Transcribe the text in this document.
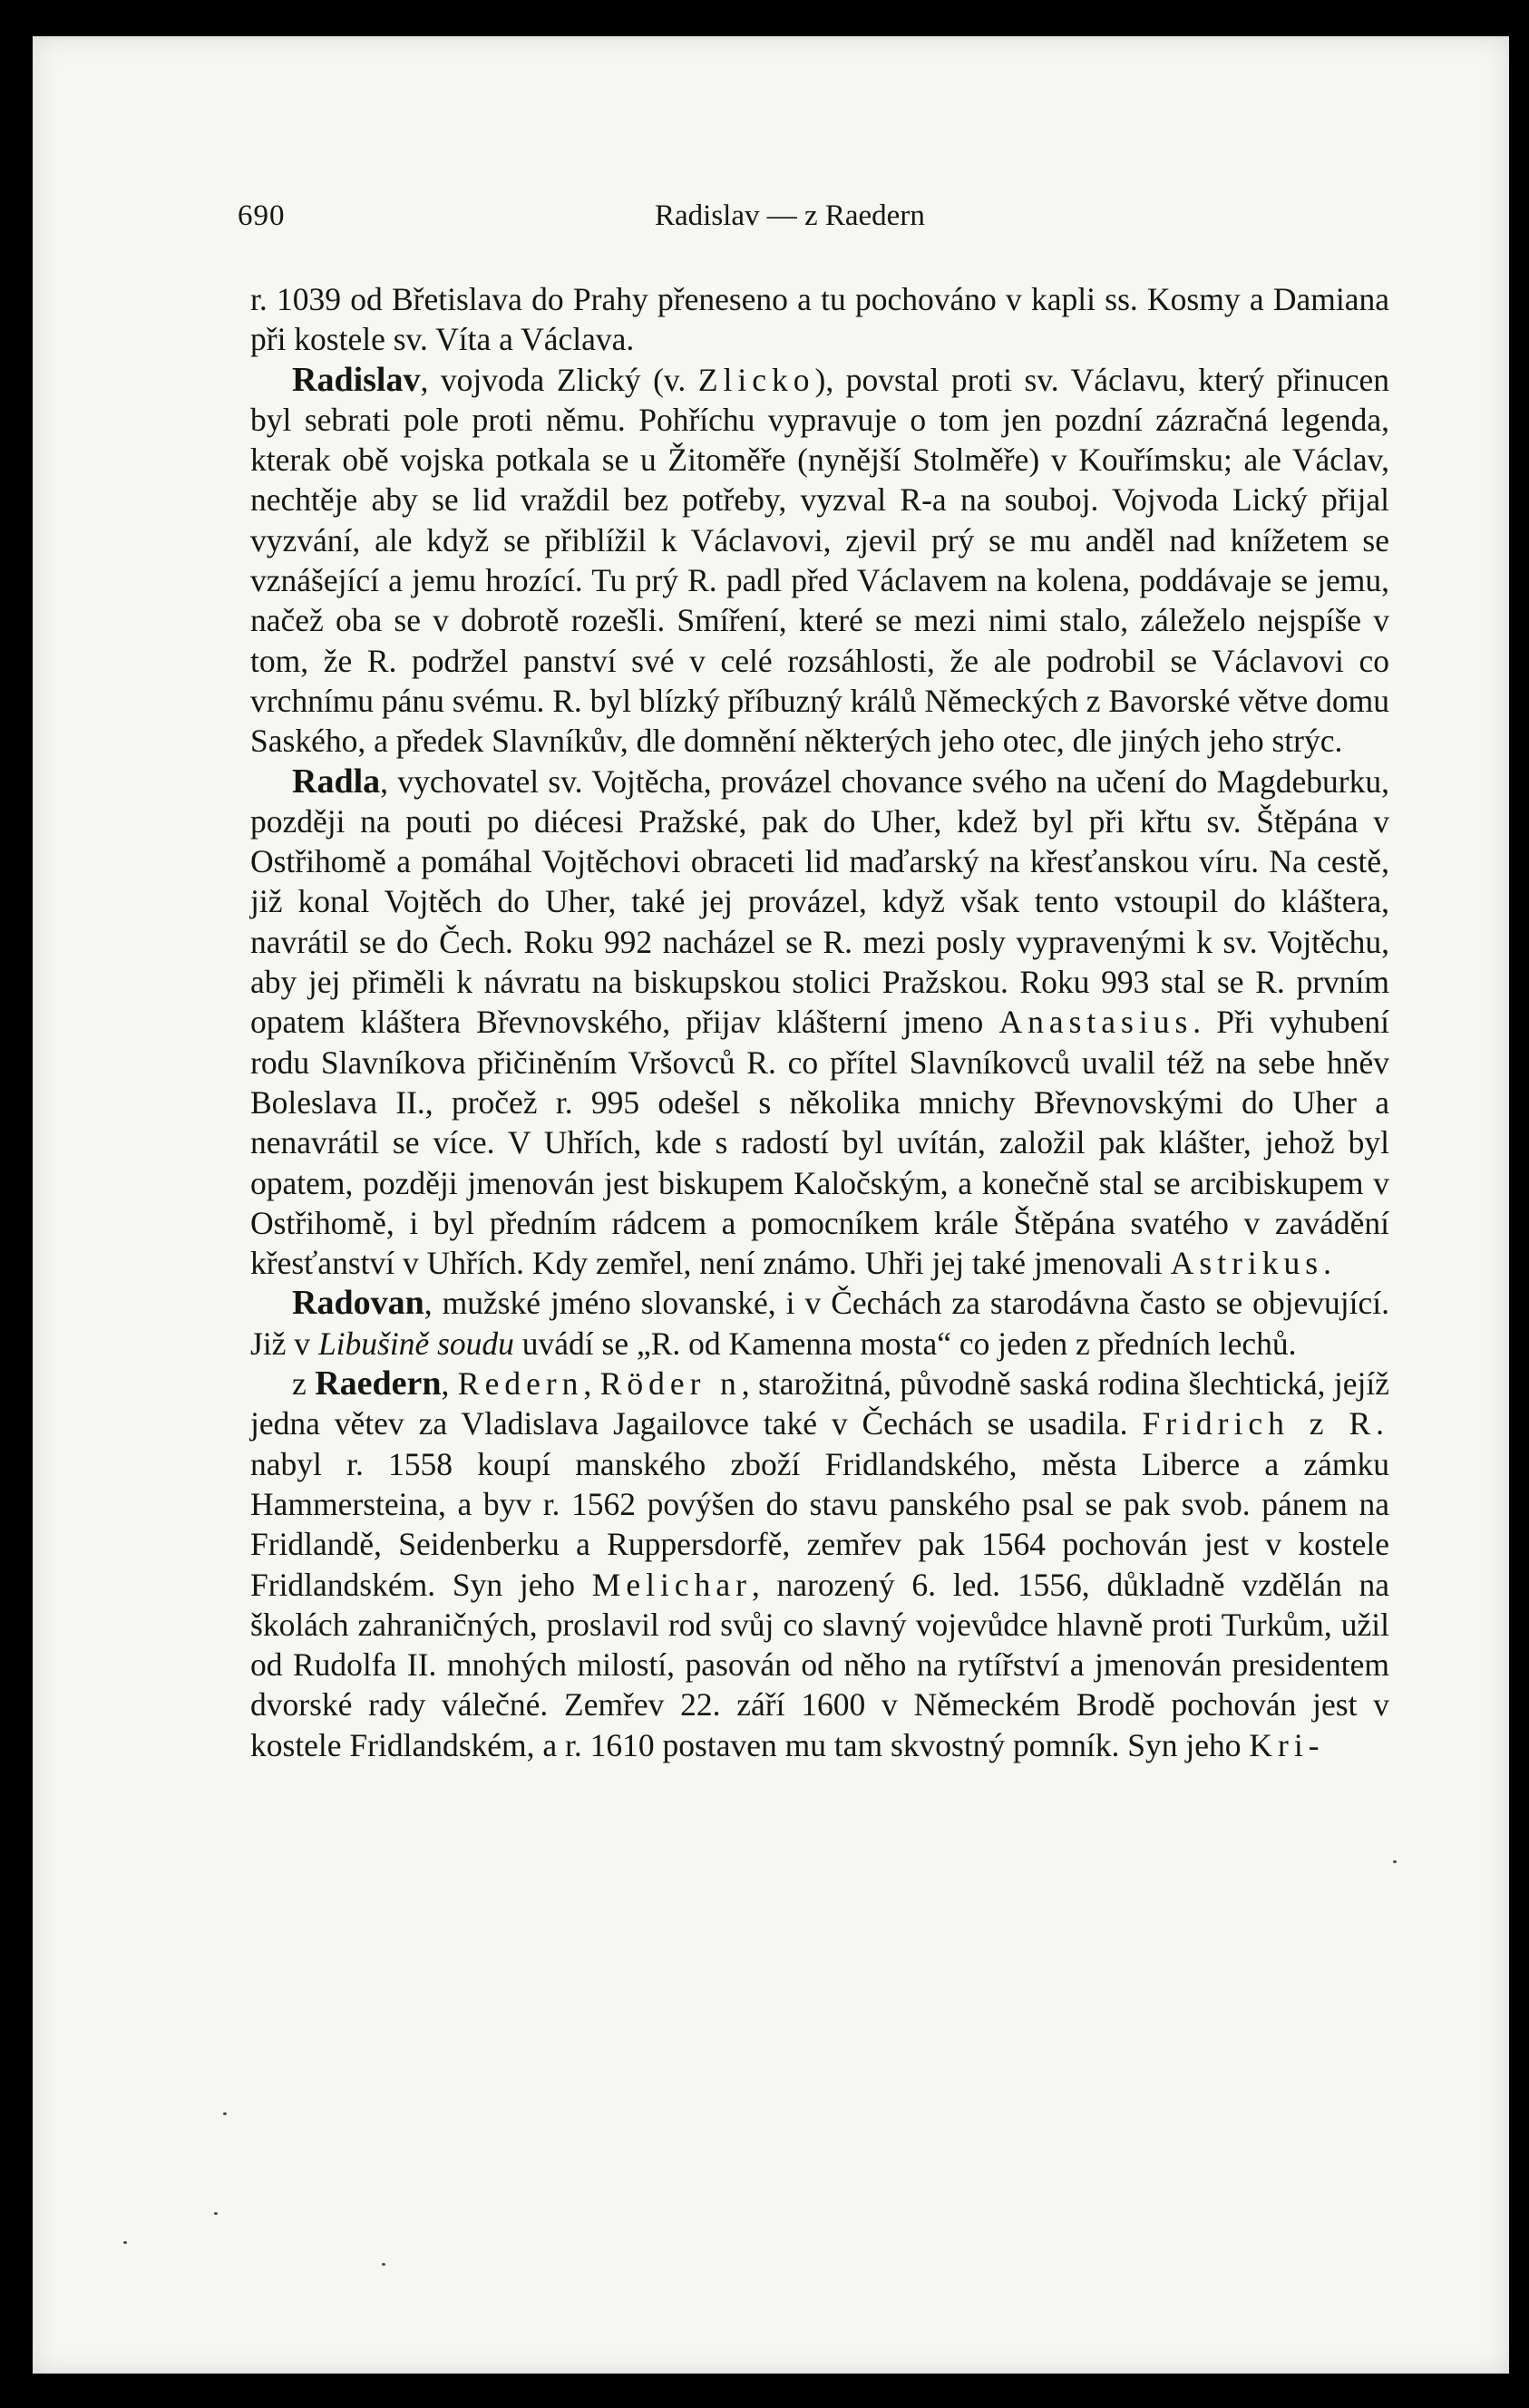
690	Radislav — z Raedern

r. 1039 od Břetislava do Prahy přeneseno a tu pochováno v kapli ss. Kosmy a Damiana při kostele sv. Víta a Václava.

Radislav, vojvoda Zlický (v. Zlicko), povstal proti sv. Václavu, který přinucen byl sebrati pole proti němu. Pohříchu vypravuje o tom jen pozdní zázračná legenda, kterak obě vojska potkala se u Žitoměře (nynější Stolměře) v Kouřímsku; ale Václav, nechtěje aby se lid vraždil bez potřeby, vyzval R-a na souboj. Vojvoda Lický přijal vyzvání, ale když se přiblížil k Václavovi, zjevil prý se mu anděl nad knížetem se vznášející a jemu hrozící. Tu prý R. padl před Václavem na kolena, poddávaje se jemu, načež oba se v dobrotě rozešli. Smíření, které se mezi nimi stalo, záleželo nejspíše v tom, že R. podržel panství své v celé rozsáhlosti, že ale podrobil se Václavovi co vrchnímu pánu svému. R. byl blízký příbuzný králů Německých z Bavorské větve domu Saského, a předek Slavníkův, dle domnění některých jeho otec, dle jiných jeho strýc.

Radla, vychovatel sv. Vojtěcha, provázel chovance svého na učení do Magdeburku, později na pouti po diécesi Pražské, pak do Uher, kdež byl při křtu sv. Štěpána v Ostřihomě a pomáhal Vojtěchovi obraceti lid maďarský na křesťanskou víru. Na cestě, již konal Vojtěch do Uher, také jej provázel, když však tento vstoupil do kláštera, navrátil se do Čech. Roku 992 nacházel se R. mezi posly vypravenými k sv. Vojtěchu, aby jej přiměli k návratu na biskupskou stolici Pražskou. Roku 993 stal se R. prvním opatem kláštera Břevnovského, přijav klášterní jmeno Anastasius. Při vyhubení rodu Slavníkova přičiněním Vršovců R. co přítel Slavníkovců uvalil též na sebe hněv Boleslava II., pročež r. 995 odešel s několika mnichy Břevnovskými do Uher a nenavrátil se více. V Uhřích, kde s radostí byl uvítán, založil pak klášter, jehož byl opatem, později jmenován jest biskupem Kaločským, a konečně stal se arcibiskupem v Ostřihomě, i byl předním rádcem a pomocníkem krále Štěpána svatého v zavádění křesťanství v Uhřích. Kdy zemřel, není známo. Uhři jej také jmenovali Astrikus.

Radovan, mužské jméno slovanské, i v Čechách za starodávna často se objevující. Již v Libušině soudu uvádí se „R. od Kamenna mosta“ co jeden z předních lechů.

z Raedern, Redern, Röder n, starožitná, původně saská rodina šlechtická, jejíž jedna větev za Vladislava Jagailovce také v Čechách se usadila. Fridrich z R. nabyl r. 1558 koupí manského zboží Fridlandského, města Liberce a zámku Hammersteina, a byv r. 1562 povýšen do stavu panského psal se pak svob. pánem na Fridlandě, Seidenberku a Ruppersdorfě, zemřev pak 1564 pochován jest v kostele Fridlandském. Syn jeho Melichar, narozený 6. led. 1556, důkladně vzdělán na školách zahraničných, proslavil rod svůj co slavný vojevůdce hlavně proti Turkům, užil od Rudolfa II. mnohých milostí, pasován od něho na rytířství a jmenován presidentem dvorské rady válečné. Zemřev 22. září 1600 v Německém Brodě pochován jest v kostele Fridlandském, a r. 1610 postaven mu tam skvostný pomník. Syn jeho Kri-
